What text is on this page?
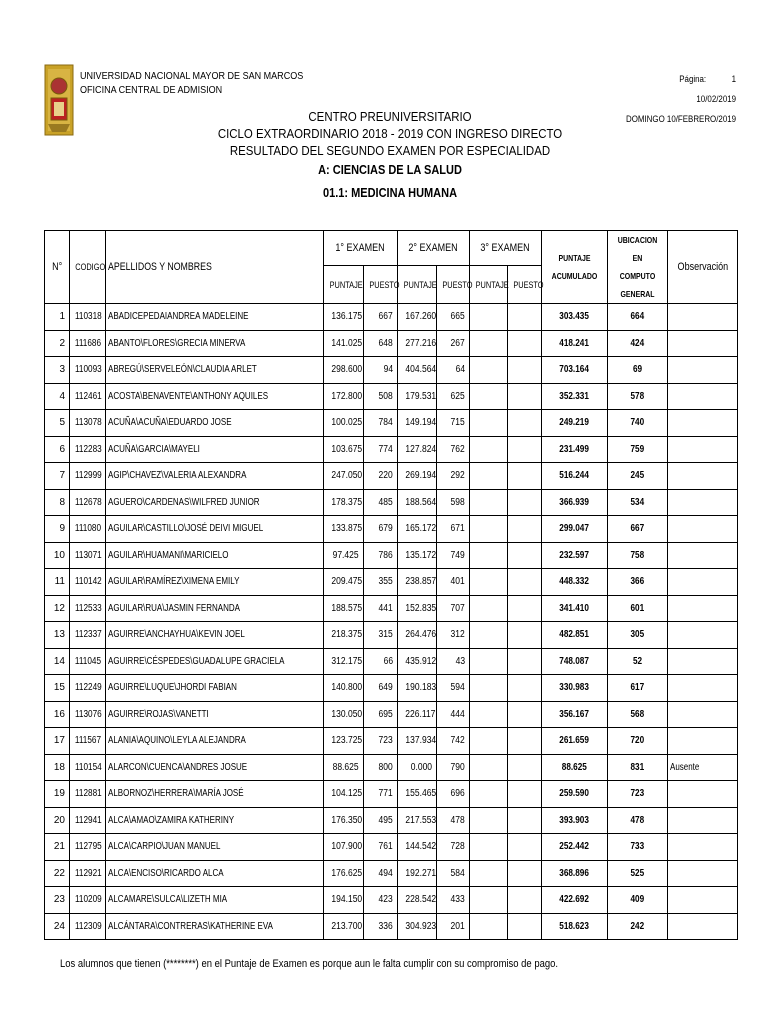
UNIVERSIDAD NACIONAL MAYOR DE SAN MARCOS
OFICINA CENTRAL DE ADMISION
Página:	1
10/02/2019
DOMINGO 10/FEBRERO/2019
CENTRO PREUNIVERSITARIO
CICLO EXTRAORDINARIO 2018 - 2019 CON INGRESO DIRECTO
RESULTADO DEL SEGUNDO EXAMEN POR ESPECIALIDAD
A: CIENCIAS DE LA SALUD
01.1: MEDICINA HUMANA
N°	CODIGO	APELLIDOS Y NOMBRES	1° EXAMEN		2° EXAMEN		3° EXAMEN		PUNTAJE ACUMULADO	UBICACION EN COMPUTO GENERAL	Observación
			PUNTAJE	PUESTO	PUNTAJE	PUESTO	PUNTAJE	PUESTO			
1	110318	ABADICEPEDAIANDREA MADELEINE	136.175	667	167.260	665			303.435	664	
2	111686	ABANTO\FLORES\GRECIA MINERVA	141.025	648	277.216	267			418.241	424	
3	110093	ABREGÚ\SERVELEÓN\CLAUDIA ARLET	298.600	94	404.564	64			703.164	69	
4	112461	ACOSTA\BENAVENTE\ANTHONY AQUILES	172.800	508	179.531	625			352.331	578	
5	113078	ACUÑA\ACUÑA\EDUARDO JOSE	100.025	784	149.194	715			249.219	740	
6	112283	ACUÑA\GARCIA\MAYELI	103.675	774	127.824	762			231.499	759	
7	112999	AGIP\CHAVEZ\VALERIA ALEXANDRA	247.050	220	269.194	292			516.244	245	
8	112678	AGUERO\CARDENAS\WILFRED JUNIOR	178.375	485	188.564	598			366.939	534	
9	111080	AGUILAR\CASTILLO\JOSÉ DEIVI MIGUEL	133.875	679	165.172	671			299.047	667	
10	113071	AGUILAR\HUAMANI\MARICIELO	97.425	786	135.172	749			232.597	758	
11	110142	AGUILAR\RAMÍREZ\XIMENA EMILY	209.475	355	238.857	401			448.332	366	
12	112533	AGUILAR\RUA\JASMIN FERNANDA	188.575	441	152.835	707			341.410	601	
13	112337	AGUIRRE\ANCHAYHUA\KEVIN JOEL	218.375	315	264.476	312			482.851	305	
14	111045	AGUIRRE\CÉSPEDES\GUADALUPE GRACIELA	312.175	66	435.912	43			748.087	52	
15	112249	AGUIRRE\LUQUE\JHORDI FABIAN	140.800	649	190.183	594			330.983	617	
16	113076	AGUIRRE\ROJAS\VANETTI	130.050	695	226.117	444			356.167	568	
17	111567	ALANIA\AQUINO\LEYLA ALEJANDRA	123.725	723	137.934	742			261.659	720	
18	110154	ALARCON\CUENCA\ANDRES JOSUE	88.625	800	0.000	790			88.625	831	Ausente
19	112881	ALBORNOZ\HERRERA\MARÍA JOSÉ	104.125	771	155.465	696			259.590	723	
20	112941	ALCA\AMAO\ZAMIRA KATHERINY	176.350	495	217.553	478			393.903	478	
21	112795	ALCA\CARPIO\JUAN MANUEL	107.900	761	144.542	728			252.442	733	
22	112921	ALCA\ENCISO\RICARDO ALCA	176.625	494	192.271	584			368.896	525	
23	110209	ALCAMARE\SULCA\LIZETH MIA	194.150	423	228.542	433			422.692	409	
24	112309	ALCÁNTARA\CONTRERAS\KATHERINE EVA	213.700	336	304.923	201			518.623	242	
Los alumnos que tienen (********) en el Puntaje de Examen es porque aun le falta cumplir con su compromiso de pago.
